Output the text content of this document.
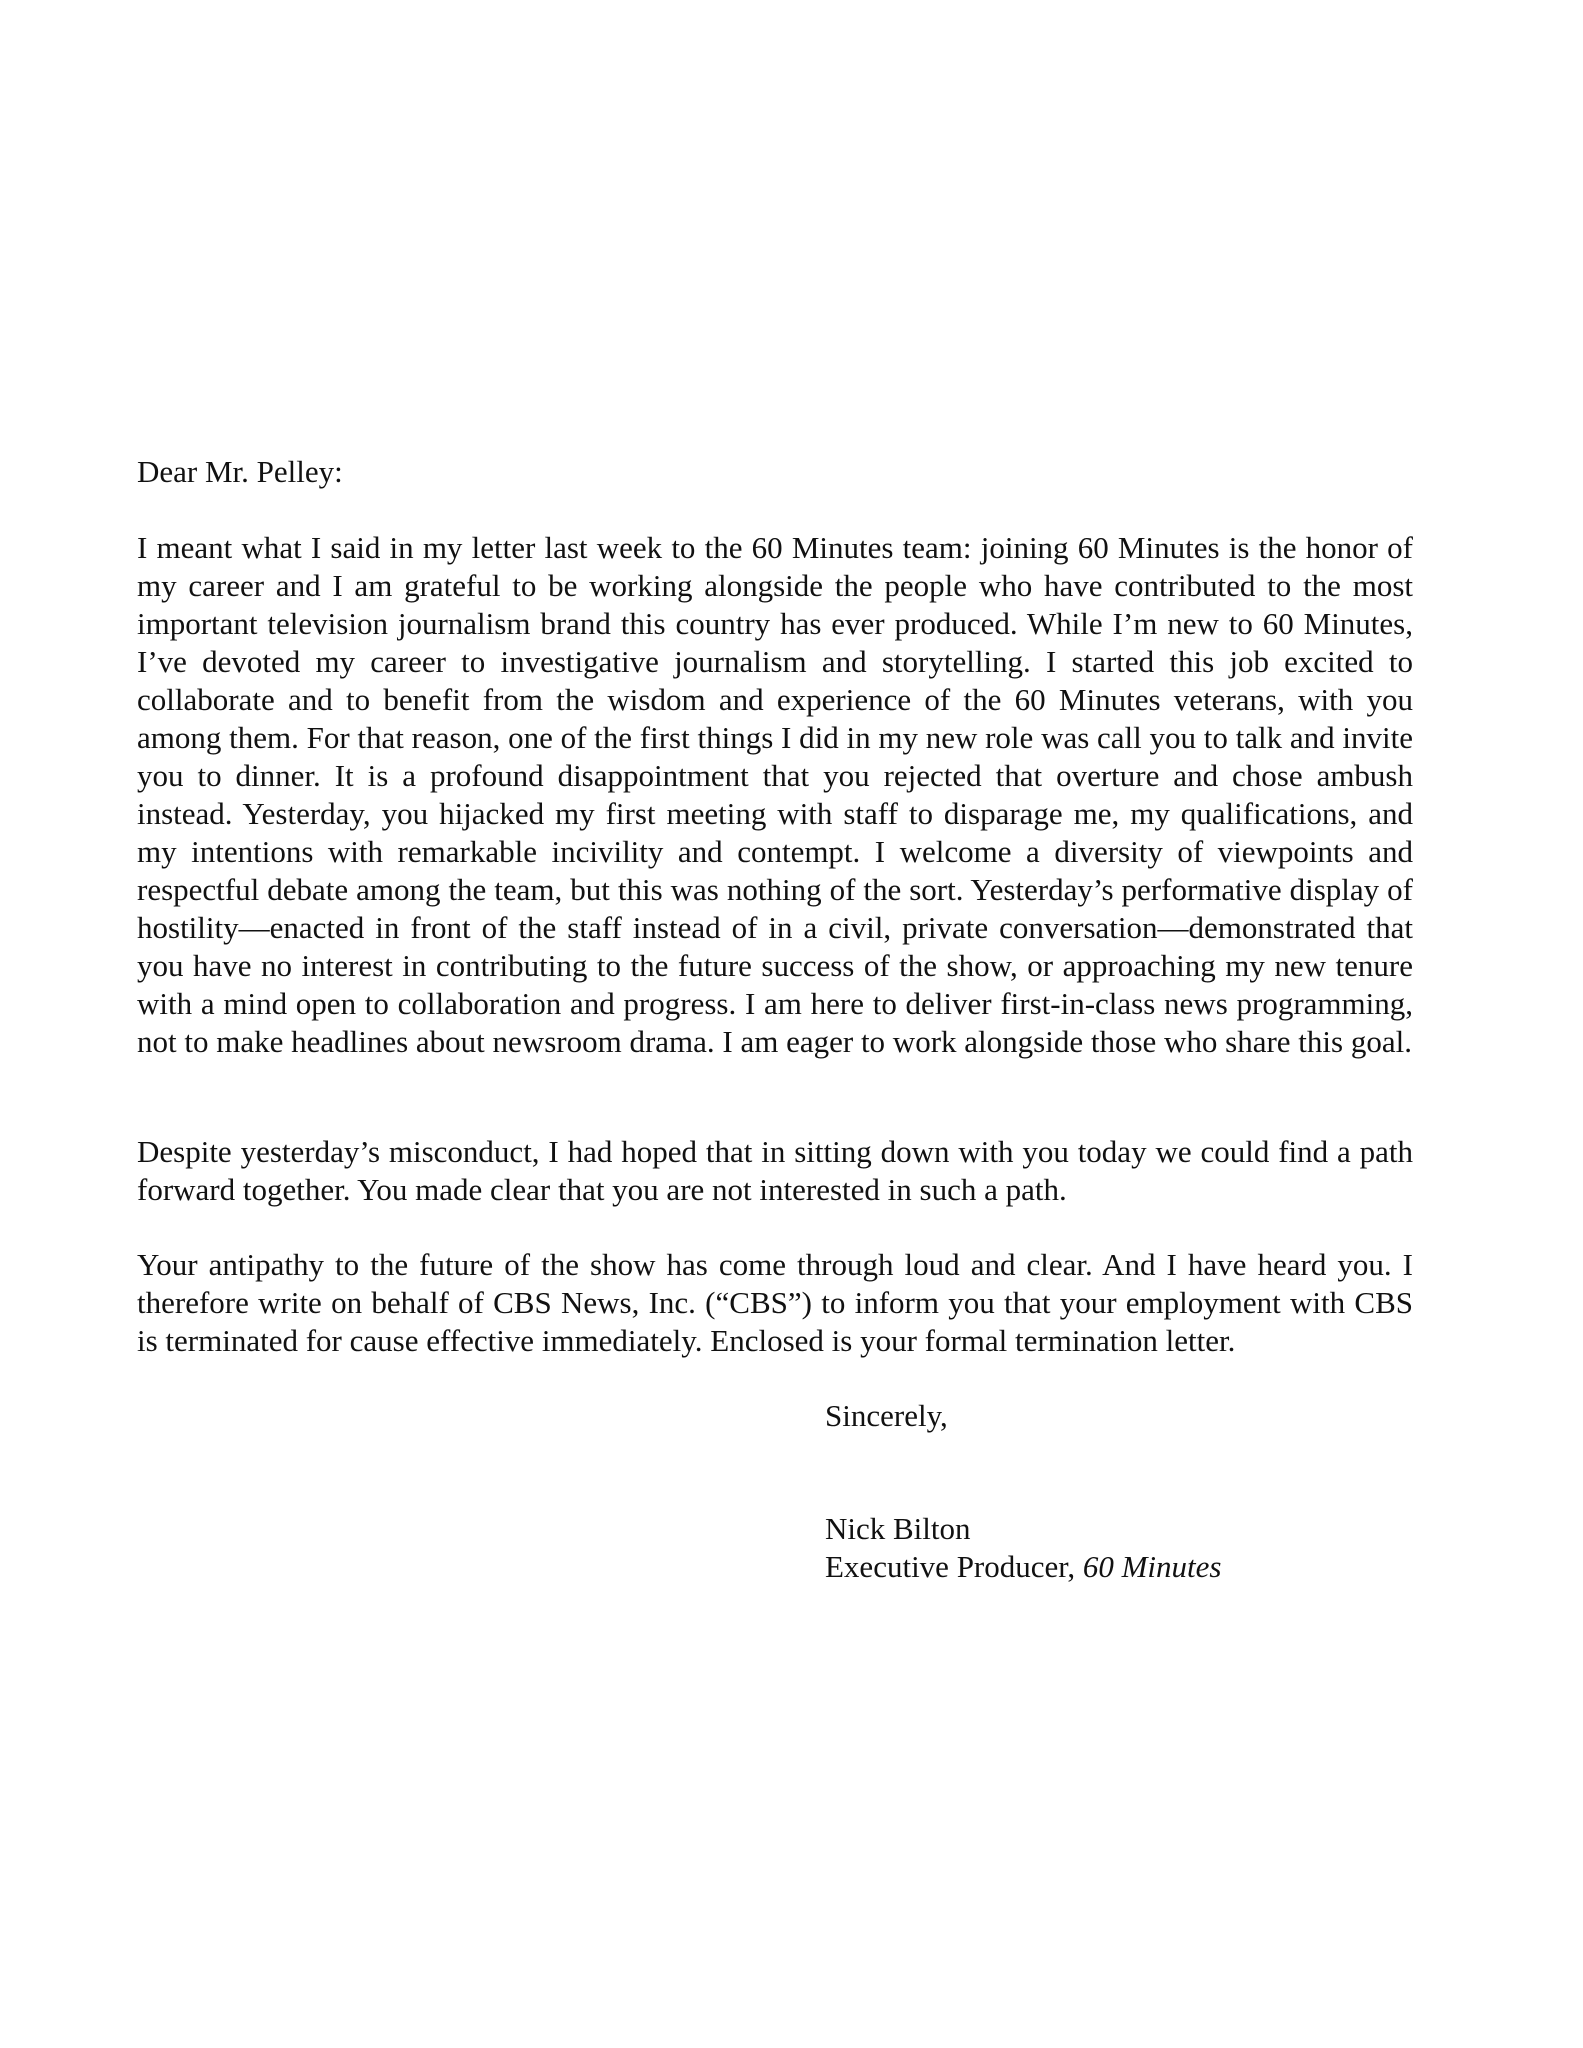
Dear Mr. Pelley:

I meant what I said in my letter last week to the 60 Minutes team: joining 60 Minutes is the honor of my career and I am grateful to be working alongside the people who have contributed to the most important television journalism brand this country has ever produced. While I’m new to 60 Minutes, I’ve devoted my career to investigative journalism and storytelling. I started this job excited to collaborate and to benefit from the wisdom and experience of the 60 Minutes veterans, with you among them. For that reason, one of the first things I did in my new role was call you to talk and invite you to dinner. It is a profound disappointment that you rejected that overture and chose ambush instead. Yesterday, you hijacked my first meeting with staff to disparage me, my qualifications, and my intentions with remarkable incivility and contempt. I welcome a diversity of viewpoints and respectful debate among the team, but this was nothing of the sort. Yesterday’s performative display of hostility—enacted in front of the staff instead of in a civil, private conversation—demonstrated that you have no interest in contributing to the future success of the show, or approaching my new tenure with a mind open to collaboration and progress. I am here to deliver first-in-class news programming, not to make headlines about newsroom drama. I am eager to work alongside those who share this goal.

Despite yesterday’s misconduct, I had hoped that in sitting down with you today we could find a path forward together. You made clear that you are not interested in such a path.

Your antipathy to the future of the show has come through loud and clear. And I have heard you. I therefore write on behalf of CBS News, Inc. (“CBS”) to inform you that your employment with CBS is terminated for cause effective immediately. Enclosed is your formal termination letter.

Sincerely,

Nick Bilton
Executive Producer, 60 Minutes
